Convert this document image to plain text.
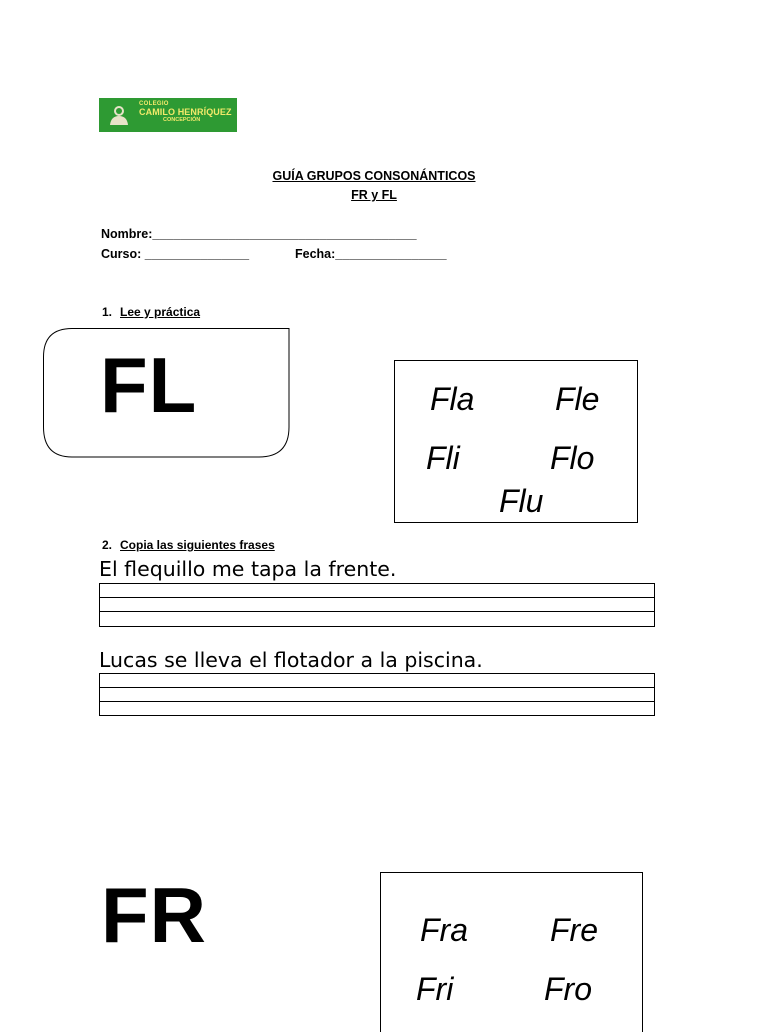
COLEGIO
CAMILO HENRÍQUEZ
CONCEPCIÓN
GUÍA GRUPOS CONSONÁNTICOS
FR y FL
Nombre:______________________________________
Curso: _______________	Fecha:________________
1. Lee y práctica
FL	Fla	Fle
Fli	Flo
Flu
2. Copia las siguientes frases
El flequillo me tapa la frente.
Lucas se lleva el flotador a la piscina.
FR	Fra	Fre
Fri	Fro
